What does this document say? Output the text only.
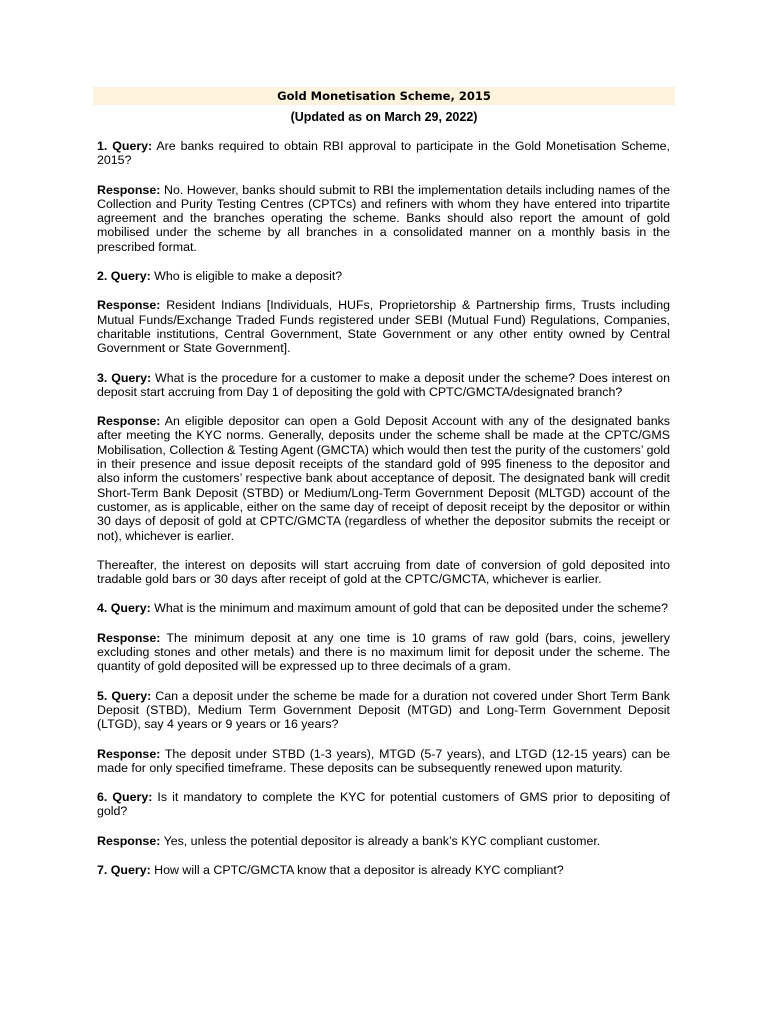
Gold Monetisation Scheme, 2015
(Updated as on March 29, 2022)

1. Query: Are banks required to obtain RBI approval to participate in the Gold Monetisation Scheme, 2015?

Response: No. However, banks should submit to RBI the implementation details including names of the Collection and Purity Testing Centres (CPTCs) and refiners with whom they have entered into tripartite agreement and the branches operating the scheme. Banks should also report the amount of gold mobilised under the scheme by all branches in a consolidated manner on a monthly basis in the prescribed format.

2. Query: Who is eligible to make a deposit?

Response: Resident Indians [Individuals, HUFs, Proprietorship & Partnership firms, Trusts including Mutual Funds/Exchange Traded Funds registered under SEBI (Mutual Fund) Regulations, Companies, charitable institutions, Central Government, State Government or any other entity owned by Central Government or State Government].

3. Query: What is the procedure for a customer to make a deposit under the scheme? Does interest on deposit start accruing from Day 1 of depositing the gold with CPTC/GMCTA/designated branch?

Response: An eligible depositor can open a Gold Deposit Account with any of the designated banks after meeting the KYC norms. Generally, deposits under the scheme shall be made at the CPTC/GMS Mobilisation, Collection & Testing Agent (GMCTA) which would then test the purity of the customers’ gold in their presence and issue deposit receipts of the standard gold of 995 fineness to the depositor and also inform the customers’ respective bank about acceptance of deposit. The designated bank will credit Short-Term Bank Deposit (STBD) or Medium/Long-Term Government Deposit (MLTGD) account of the customer, as is applicable, either on the same day of receipt of deposit receipt by the depositor or within 30 days of deposit of gold at CPTC/GMCTA (regardless of whether the depositor submits the receipt or not), whichever is earlier.

Thereafter, the interest on deposits will start accruing from date of conversion of gold deposited into tradable gold bars or 30 days after receipt of gold at the CPTC/GMCTA, whichever is earlier.

4. Query: What is the minimum and maximum amount of gold that can be deposited under the scheme?

Response: The minimum deposit at any one time is 10 grams of raw gold (bars, coins, jewellery excluding stones and other metals) and there is no maximum limit for deposit under the scheme. The quantity of gold deposited will be expressed up to three decimals of a gram.

5. Query: Can a deposit under the scheme be made for a duration not covered under Short Term Bank Deposit (STBD), Medium Term Government Deposit (MTGD) and Long-Term Government Deposit (LTGD), say 4 years or 9 years or 16 years?

Response: The deposit under STBD (1-3 years), MTGD (5-7 years), and LTGD (12-15 years) can be made for only specified timeframe. These deposits can be subsequently renewed upon maturity.

6. Query: Is it mandatory to complete the KYC for potential customers of GMS prior to depositing of gold?

Response: Yes, unless the potential depositor is already a bank’s KYC compliant customer.

7. Query: How will a CPTC/GMCTA know that a depositor is already KYC compliant?
